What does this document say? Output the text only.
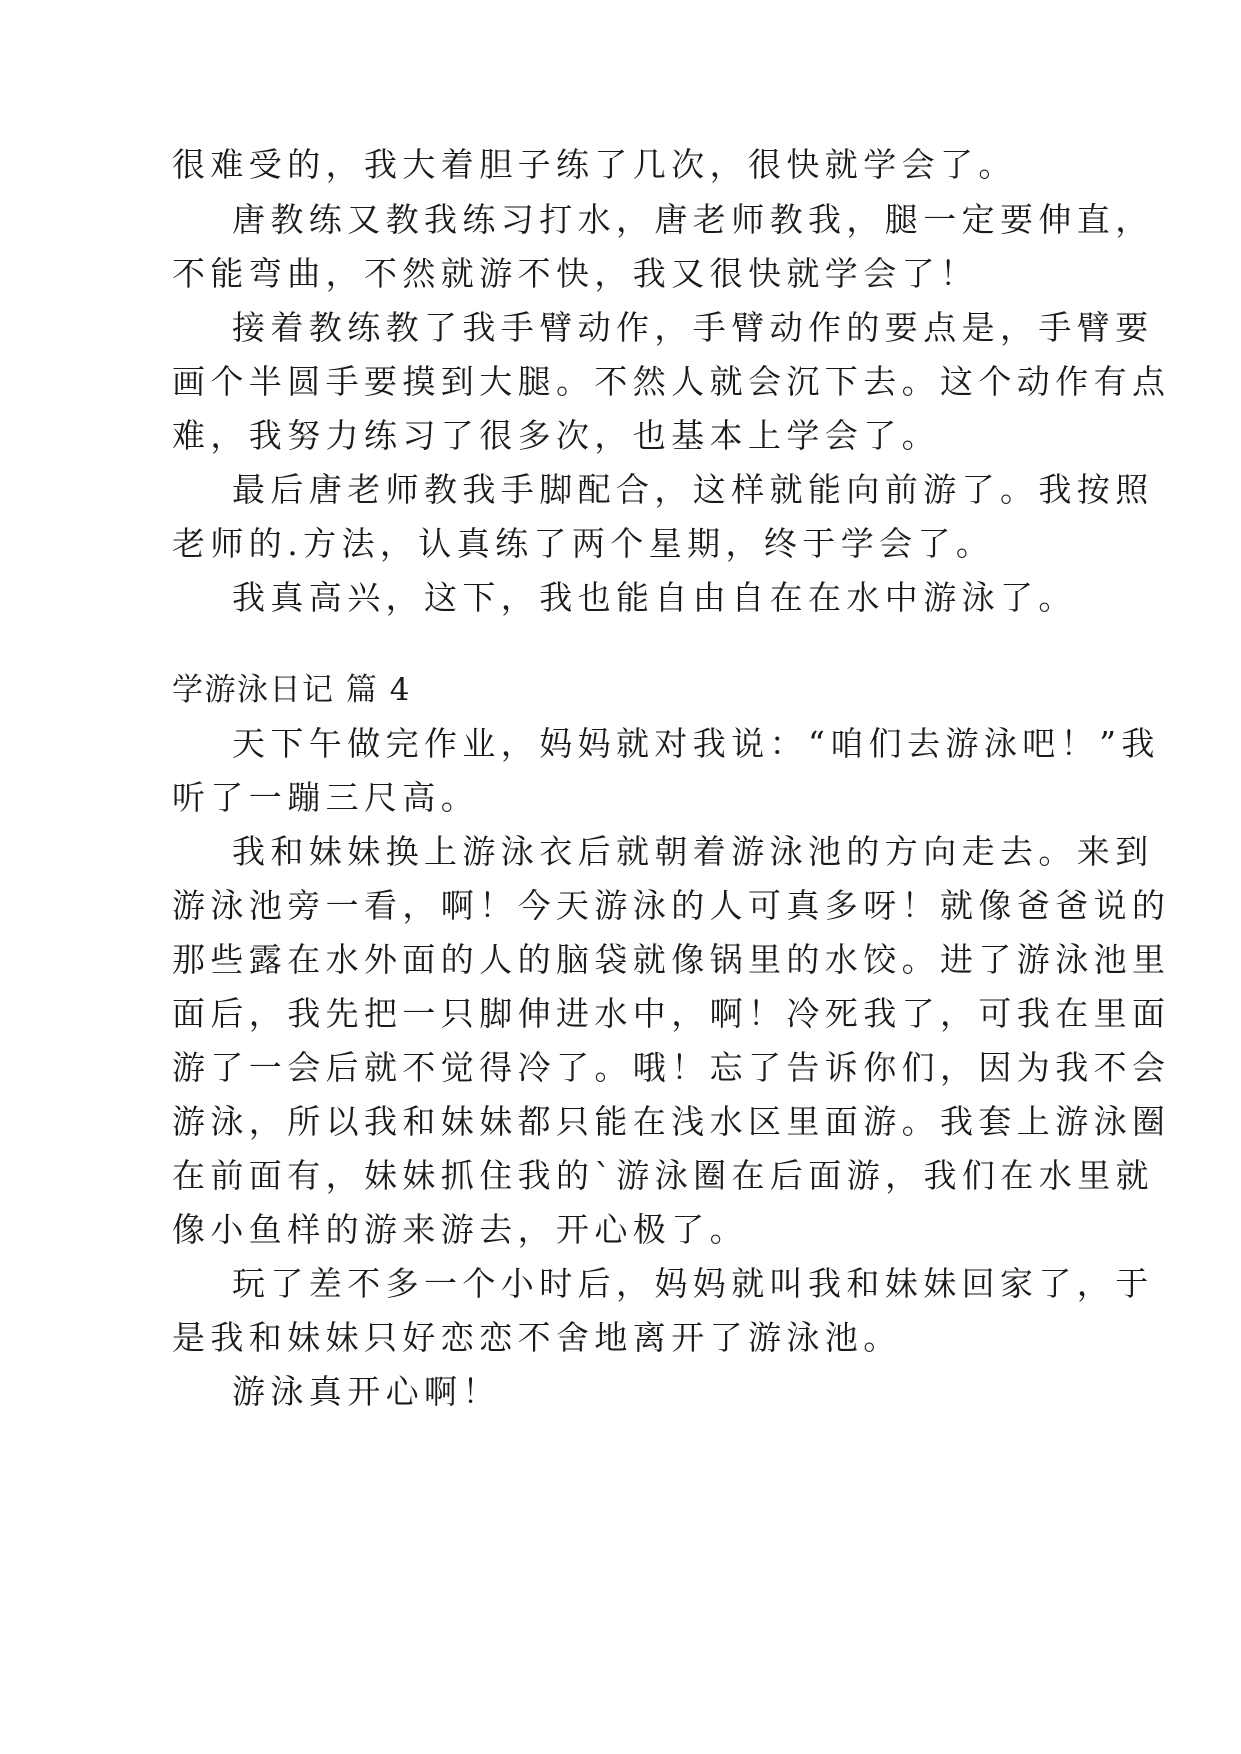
很难受的，我大着胆子练了几次，很快就学会了。
唐教练又教我练习打水，唐老师教我，腿一定要伸直，
不能弯曲，不然就游不快，我又很快就学会了！
接着教练教了我手臂动作，手臂动作的要点是，手臂要
画个半圆手要摸到大腿。不然人就会沉下去。这个动作有点
难，我努力练习了很多次，也基本上学会了。
最后唐老师教我手脚配合，这样就能向前游了。我按照
老师的.方法，认真练了两个星期，终于学会了。
我真高兴，这下，我也能自由自在在水中游泳了。
学游泳日记 篇 4
天下午做完作业，妈妈就对我说：“咱们去游泳吧！”我
听了一蹦三尺高。
我和妹妹换上游泳衣后就朝着游泳池的方向走去。来到
游泳池旁一看，啊！今天游泳的人可真多呀！就像爸爸说的
那些露在水外面的人的脑袋就像锅里的水饺。进了游泳池里
面后，我先把一只脚伸进水中，啊！冷死我了，可我在里面
游了一会后就不觉得冷了。哦！忘了告诉你们，因为我不会
游泳，所以我和妹妹都只能在浅水区里面游。我套上游泳圈
在前面有，妹妹抓住我的`游泳圈在后面游，我们在水里就
像小鱼样的游来游去，开心极了。
玩了差不多一个小时后，妈妈就叫我和妹妹回家了，于
是我和妹妹只好恋恋不舍地离开了游泳池。
游泳真开心啊！
